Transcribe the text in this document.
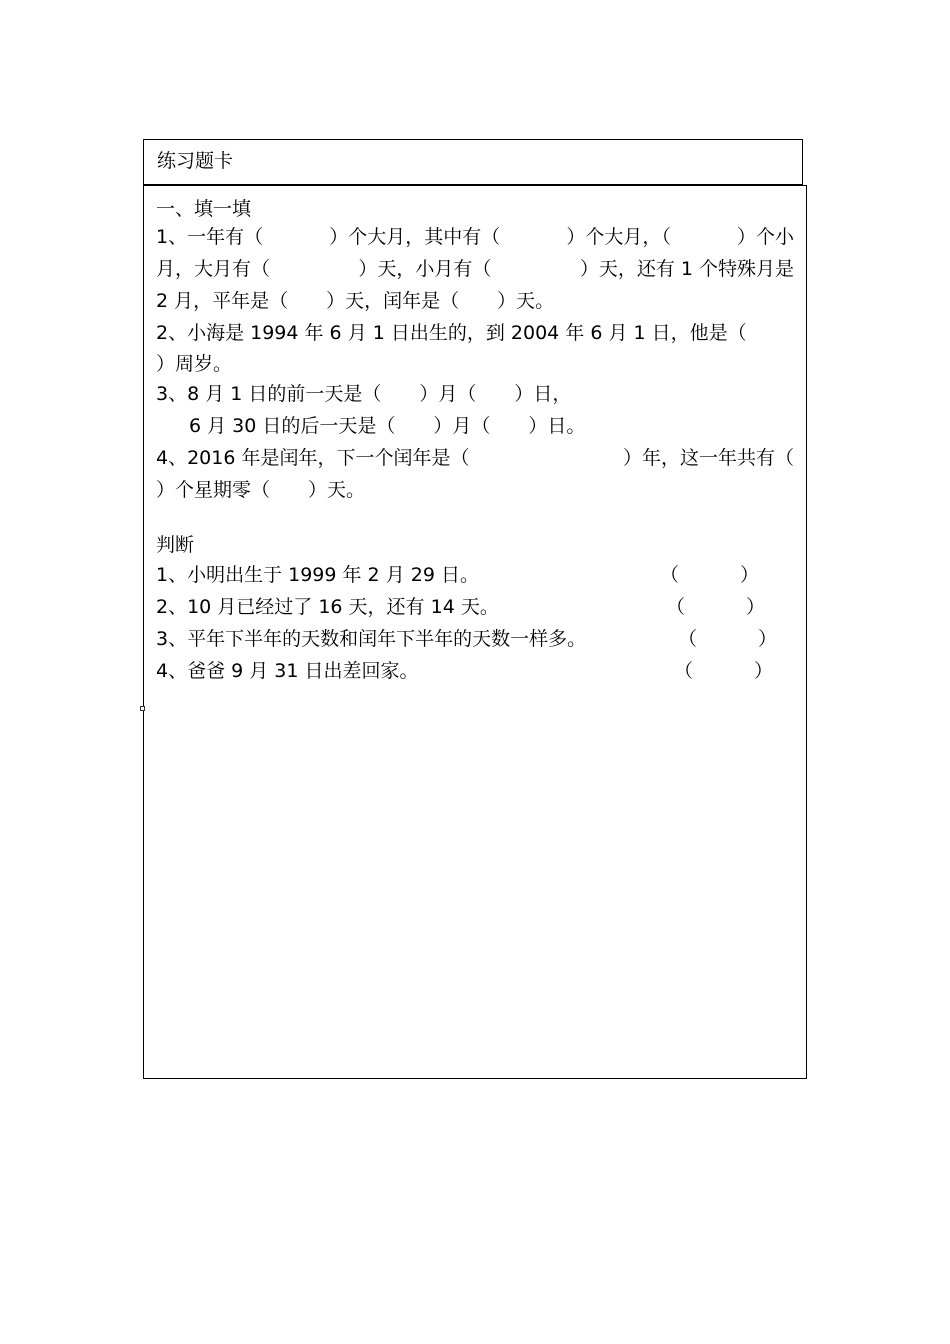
练习题卡
一、填一填
1、一年有（	）个大月，其中有（	）个大月，（	）个小
月，大月有（	）天，小月有（	）天，还有 1 个特殊月是
2 月，平年是（　　）天，闰年是（　　）天。
2、小海是 1994 年 6 月 1 日出生的，到 2004 年 6 月 1 日，他是（
）周岁。
3、8 月 1 日的前一天是（　　）月（　　）日，
6 月 30 日的后一天是（　　）月（　　）日。
4、2016 年是闰年，下一个闰年是（	）年，这一年共有（
）个星期零（　　）天。
判断
1、小明出生于 1999 年 2 月 29 日。	（	）
2、10 月已经过了 16 天，还有 14 天。	（	）
3、平年下半年的天数和闰年下半年的天数一样多。	（	）
4、爸爸 9 月 31 日出差回家。	（	）
